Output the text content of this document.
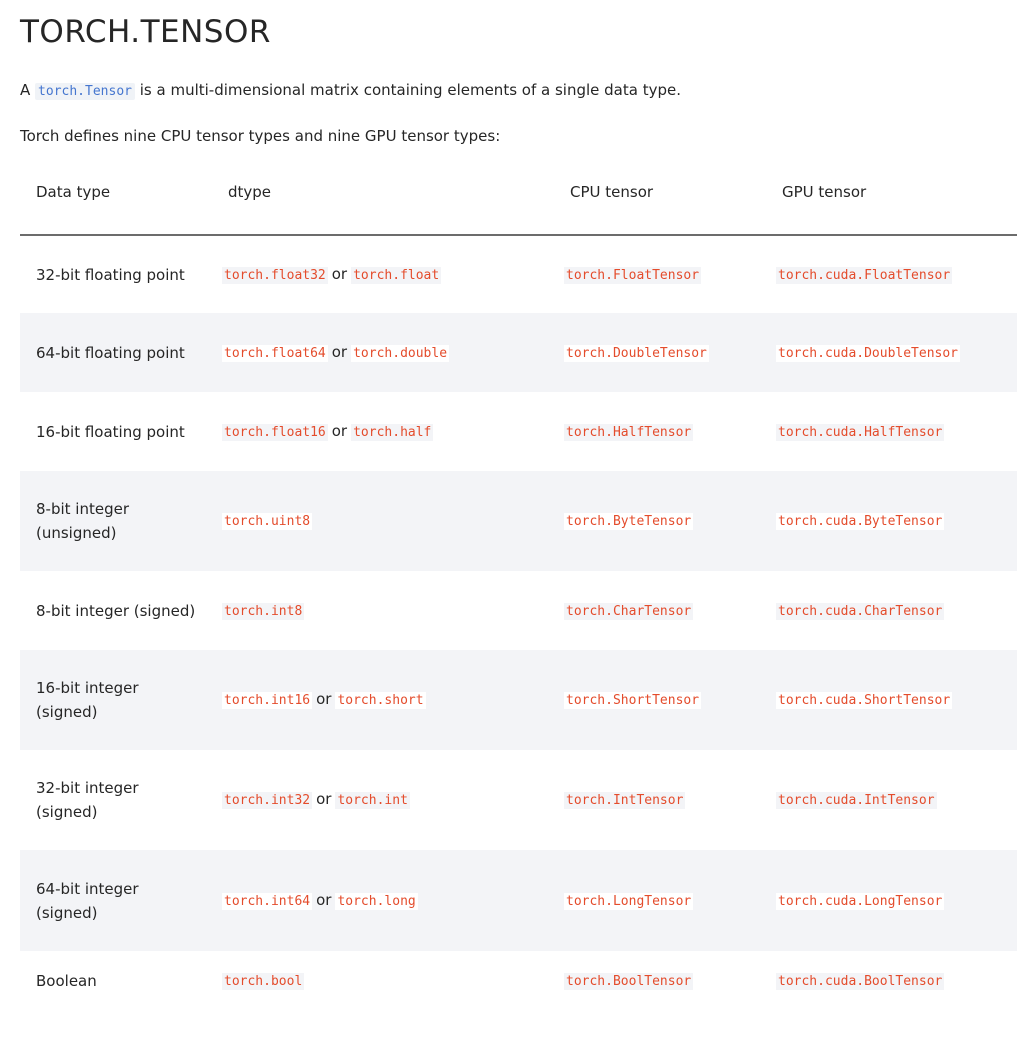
TORCH.TENSOR

A torch.Tensor is a multi-dimensional matrix containing elements of a single data type.

Torch defines nine CPU tensor types and nine GPU tensor types:

Data type	dtype	CPU tensor	GPU tensor
32-bit floating point	torch.float32 or torch.float	torch.FloatTensor	torch.cuda.FloatTensor
64-bit floating point	torch.float64 or torch.double	torch.DoubleTensor	torch.cuda.DoubleTensor
16-bit floating point	torch.float16 or torch.half	torch.HalfTensor	torch.cuda.HalfTensor
8-bit integer (unsigned)	torch.uint8	torch.ByteTensor	torch.cuda.ByteTensor
8-bit integer (signed)	torch.int8	torch.CharTensor	torch.cuda.CharTensor
16-bit integer (signed)	torch.int16 or torch.short	torch.ShortTensor	torch.cuda.ShortTensor
32-bit integer (signed)	torch.int32 or torch.int	torch.IntTensor	torch.cuda.IntTensor
64-bit integer (signed)	torch.int64 or torch.long	torch.LongTensor	torch.cuda.LongTensor
Boolean	torch.bool	torch.BoolTensor	torch.cuda.BoolTensor
